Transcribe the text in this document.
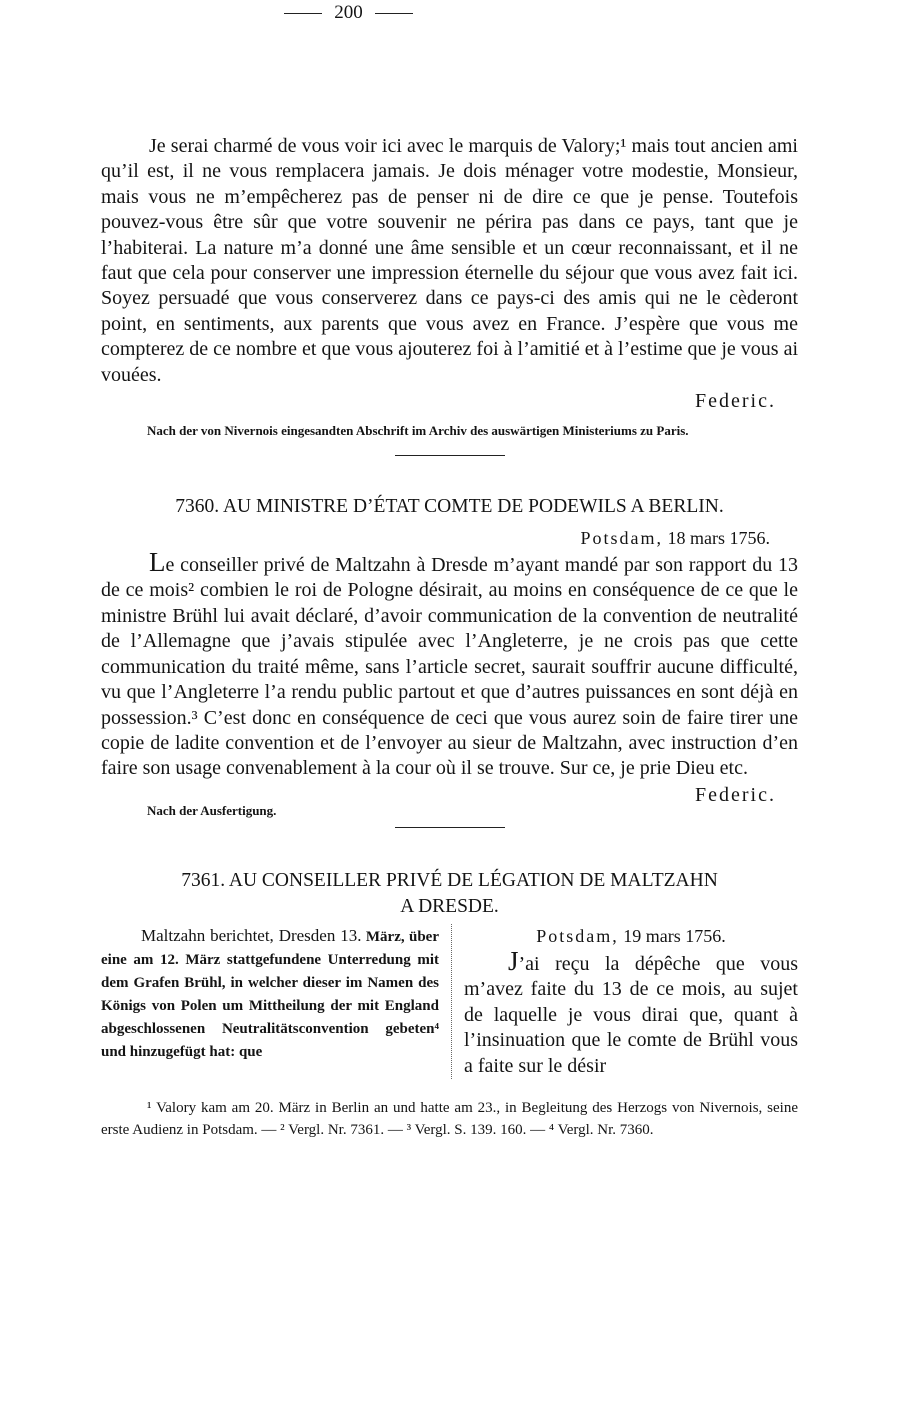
200

Je serai charmé de vous voir ici avec le marquis de Valory;¹ mais tout ancien ami qu’il est, il ne vous remplacera jamais. Je dois ménager votre modestie, Monsieur, mais vous ne m’empêcherez pas de penser ni de dire ce que je pense. Toutefois pouvez-vous être sûr que votre souvenir ne périra pas dans ce pays, tant que je l’habiterai. La nature m’a donné une âme sensible et un cœur reconnaissant, et il ne faut que cela pour conserver une impression éternelle du séjour que vous avez fait ici. Soyez persuadé que vous conserverez dans ce pays-ci des amis qui ne le cèderont point, en sentiments, aux parents que vous avez en France. J’espère que vous me compterez de ce nombre et que vous ajouterez foi à l’amitié et à l’estime que je vous ai vouées.

Federic.

Nach der von Nivernois eingesandten Abschrift im Archiv des auswärtigen Ministeriums zu Paris.

7360. AU MINISTRE D’ÉTAT COMTE DE PODEWILS A BERLIN.

Potsdam, 18 mars 1756.

Le conseiller privé de Maltzahn à Dresde m’ayant mandé par son rapport du 13 de ce mois² combien le roi de Pologne désirait, au moins en conséquence de ce que le ministre Brühl lui avait déclaré, d’avoir communication de la convention de neutralité de l’Allemagne que j’avais stipulée avec l’Angleterre, je ne crois pas que cette communication du traité même, sans l’article secret, saurait souffrir aucune difficulté, vu que l’Angleterre l’a rendu public partout et que d’autres puissances en sont déjà en possession.³ C’est donc en conséquence de ceci que vous aurez soin de faire tirer une copie de ladite convention et de l’envoyer au sieur de Maltzahn, avec instruction d’en faire son usage convenablement à la cour où il se trouve. Sur ce, je prie Dieu etc.

Federic.

Nach der Ausfertigung.

7361. AU CONSEILLER PRIVÉ DE LÉGATION DE MALTZAHN
A DRESDE.

Maltzahn berichtet, Dresden 13. März, über eine am 12. März stattgefundene Unterredung mit dem Grafen Brühl, in welcher dieser im Namen des Königs von Polen um Mittheilung der mit England abgeschlossenen Neutralitätsconvention gebeten⁴ und hinzugefügt hat: que

Potsdam, 19 mars 1756.

J’ai reçu la dépêche que vous m’avez faite du 13 de ce mois, au sujet de laquelle je vous dirai que, quant à l’insinuation que le comte de Brühl vous a faite sur le désir

¹ Valory kam am 20. März in Berlin an und hatte am 23., in Begleitung des Herzogs von Nivernois, seine erste Audienz in Potsdam. — ² Vergl. Nr. 7361. — ³ Vergl. S. 139. 160. — ⁴ Vergl. Nr. 7360.
